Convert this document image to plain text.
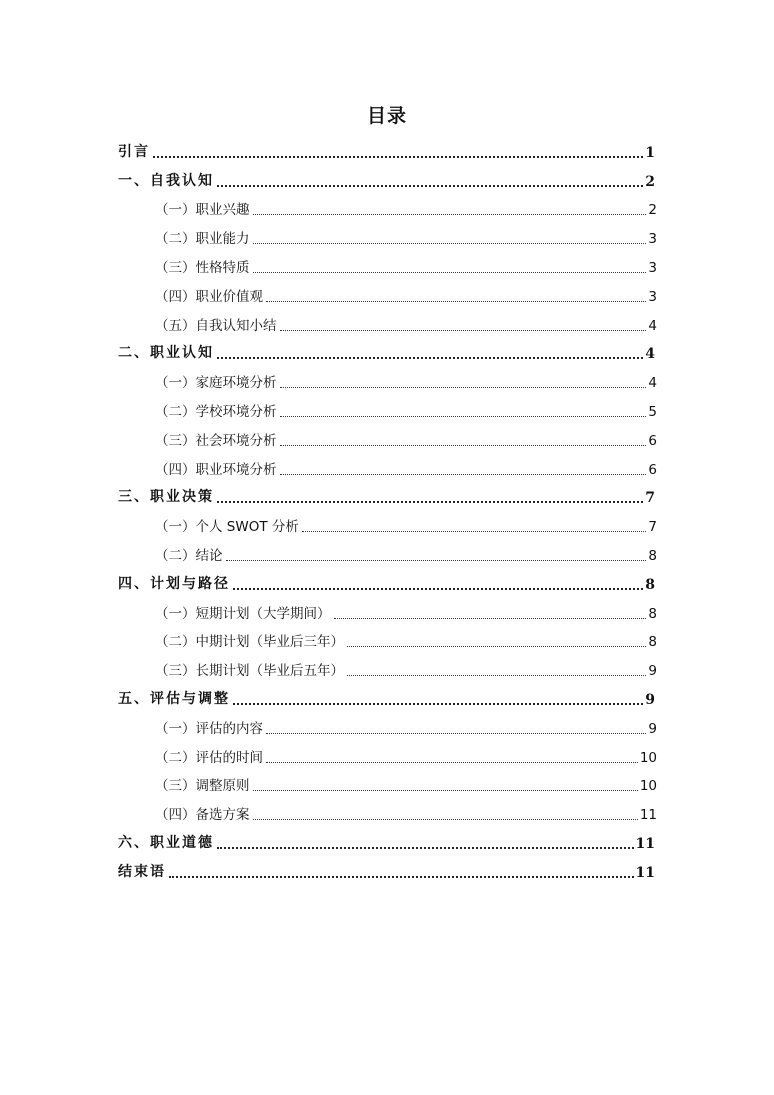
目录
引言	1
一、自我认知	2
（一）职业兴趣	2
（二）职业能力	3
（三）性格特质	3
（四）职业价值观	3
（五）自我认知小结	4
二、职业认知	4
（一）家庭环境分析	4
（二）学校环境分析	5
（三）社会环境分析	6
（四）职业环境分析	6
三、职业决策	7
（一）个人 SWOT 分析	7
（二）结论	8
四、计划与路径	8
（一）短期计划（大学期间）	8
（二）中期计划（毕业后三年）	8
（三）长期计划（毕业后五年）	9
五、评估与调整	9
（一）评估的内容	9
（二）评估的时间	10
（三）调整原则	10
（四）备选方案	11
六、职业道德	11
结束语	11
